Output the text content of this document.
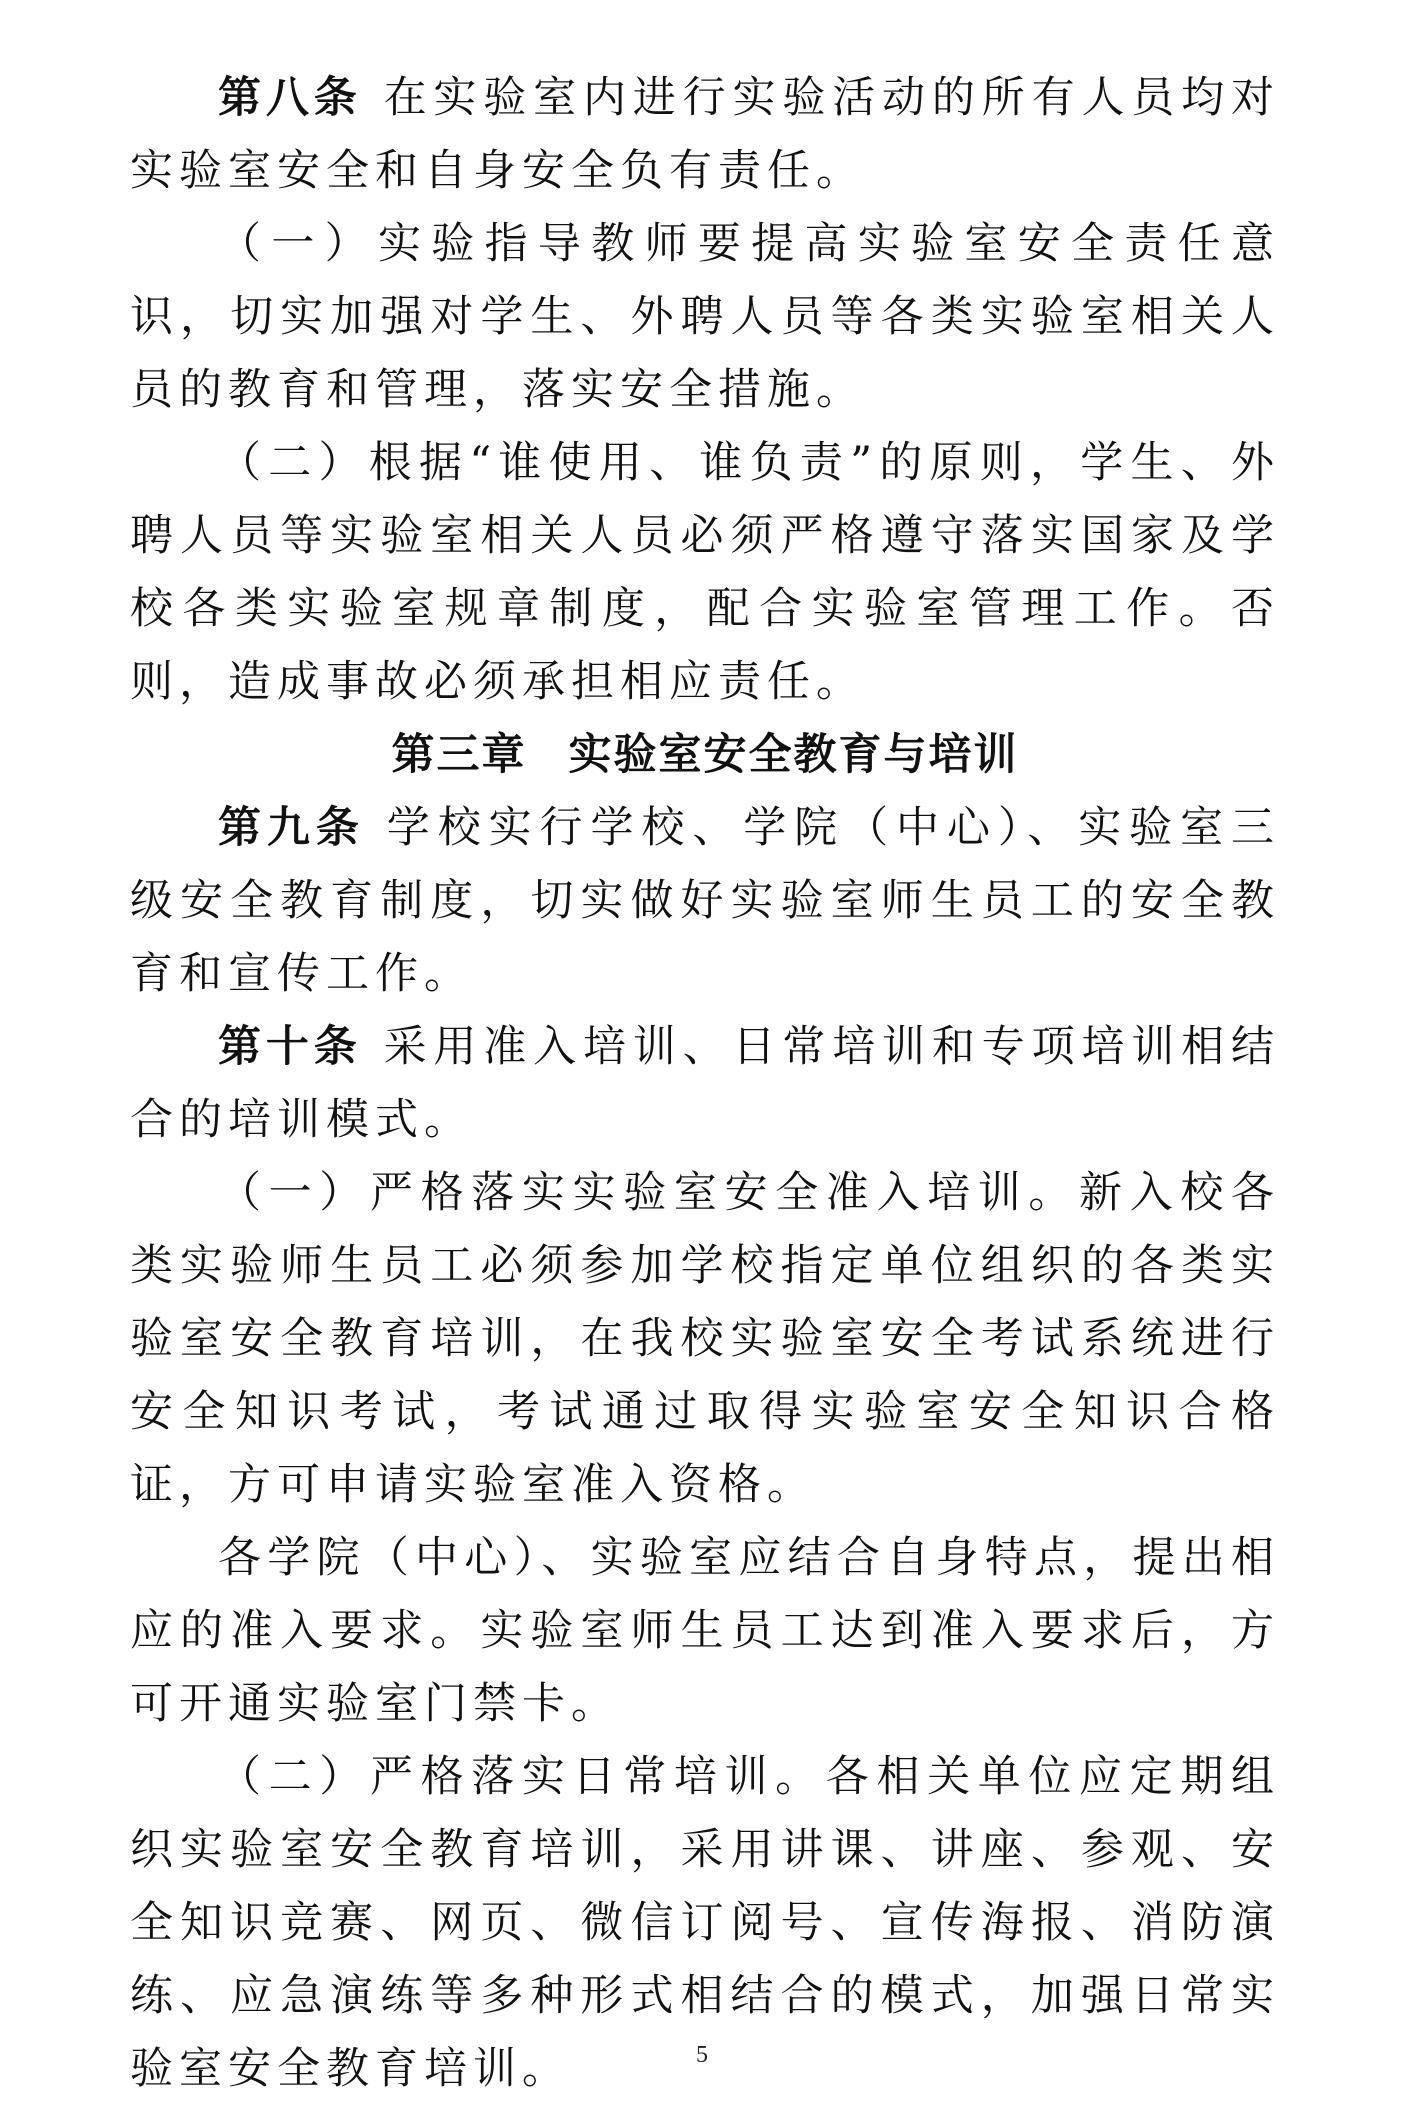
第八条 在实验室内进行实验活动的所有人员均对实验室安全和自身安全负有责任。

（一）实验指导教师要提高实验室安全责任意识，切实加强对学生、外聘人员等各类实验室相关人员的教育和管理，落实安全措施。

（二）根据“谁使用、谁负责”的原则，学生、外聘人员等实验室相关人员必须严格遵守落实国家及学校各类实验室规章制度，配合实验室管理工作。否则，造成事故必须承担相应责任。

第三章 实验室安全教育与培训

第九条 学校实行学校、学院（中心）、实验室三级安全教育制度，切实做好实验室师生员工的安全教育和宣传工作。

第十条 采用准入培训、日常培训和专项培训相结合的培训模式。

（一）严格落实实验室安全准入培训。新入校各类实验师生员工必须参加学校指定单位组织的各类实验室安全教育培训，在我校实验室安全考试系统进行安全知识考试，考试通过取得实验室安全知识合格证，方可申请实验室准入资格。

各学院（中心）、实验室应结合自身特点，提出相应的准入要求。实验室师生员工达到准入要求后，方可开通实验室门禁卡。

（二）严格落实日常培训。各相关单位应定期组织实验室安全教育培训，采用讲课、讲座、参观、安全知识竞赛、网页、微信订阅号、宣传海报、消防演练、应急演练等多种形式相结合的模式，加强日常实验室安全教育培训。	5
